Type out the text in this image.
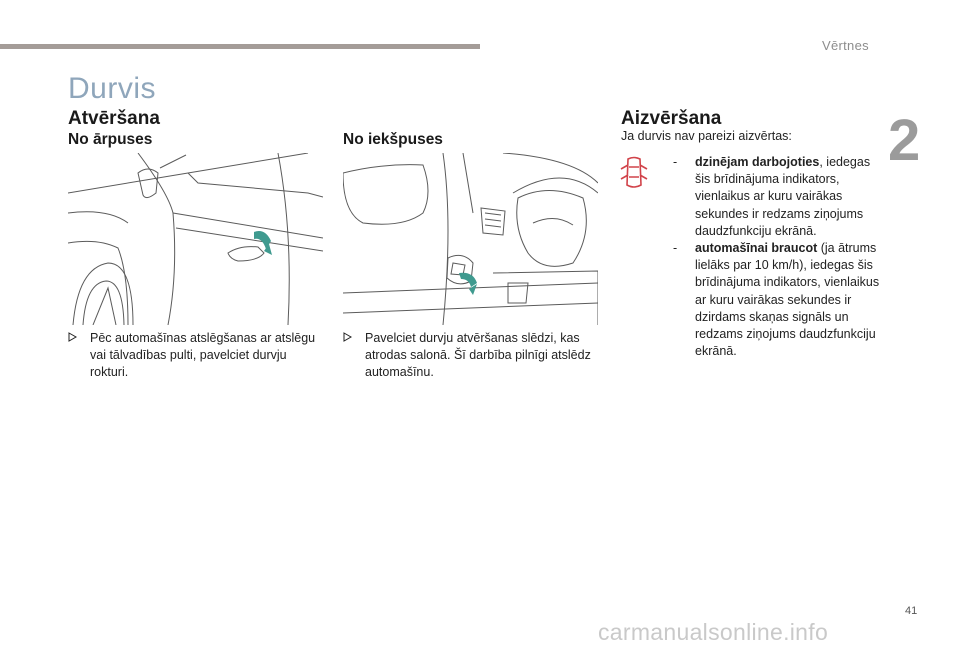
Vērtnes
2
Durvis
Atvēršana
No ārpuses	No iekšpuses
Aizvēršana
Pēc automašīnas atslēgšanas ar atslēgu vai tālvadības pulti, pavelciet durvju rokturi.
Pavelciet durvju atvēršanas slēdzi, kas atrodas salonā. Šī darbība pilnīgi atslēdz automašīnu.
Ja durvis nav pareizi aizvērtas:
- dzinējam darbojoties, iedegas šis brīdinājuma indikators, vienlaikus ar kuru vairākas sekundes ir redzams ziņojums daudzfunkciju ekrānā.
- automašīnai braucot (ja ātrums lielāks par 10 km/h), iedegas šis brīdinājuma indikators, vienlaikus ar kuru vairākas sekundes ir dzirdams skaņas signāls un redzams ziņojums daudzfunkciju ekrānā.
41
carmanualsonline.info
